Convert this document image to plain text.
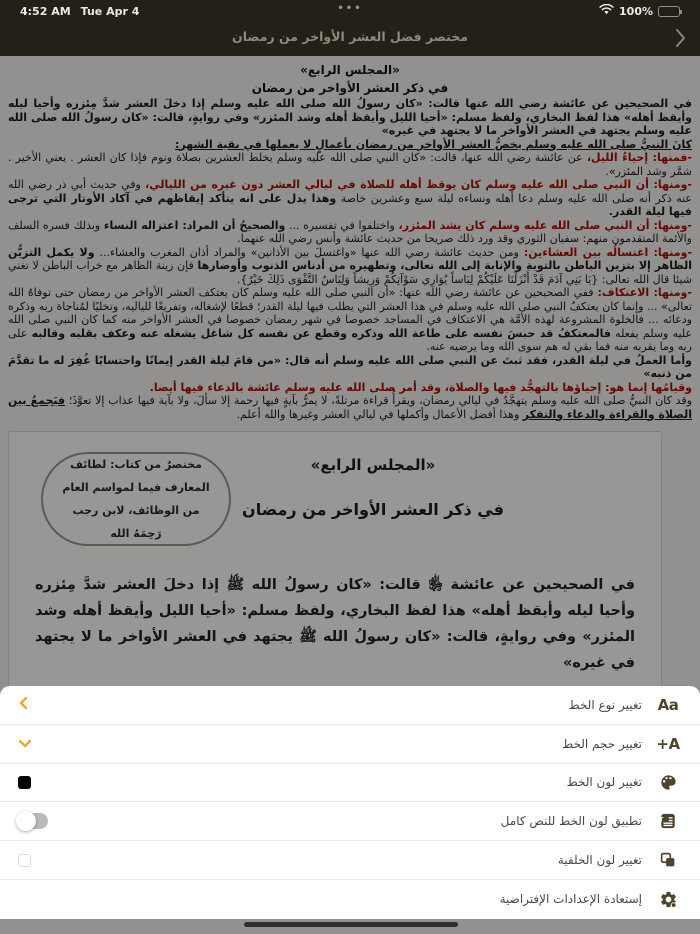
4:52 AM Tue Apr 4	•••	100%
مختصر فضل العشر الأواخر من رمضان
«المجلس الرابع»
في ذكر العشر الأواخر من رمضان
في الصحيحين عن عائشة رضي الله عنها قالت: «كان رسولُ الله صلى الله عليه وسلم إذا دخلَ العشر شدَّ مِئزره وأحيا ليله وأيقظ أهله» هذا لفظ البخاري، ولفظ مسلم: «أحيا الليل وأيقظ أهله وشد المئزر» وفي روايةٍ، قالت: «كان رسولُ الله صلى الله عليه وسلم يجتهد في العشر الأواخر ما لا يجتهد في غيره»
كانَ النبيُّ صلى الله عليه وسلم يخصُّ العشر الأواخر من رمضان بأعمالٍ لا يعملها في بقية الشهر:
-فمنها: إحياءُ الليل، عن عائشة رضي الله عنها، قالت: «كان النبي صلى الله عليه وسلم يخلط العشرين بصلاة ونوم فإذا كان العشر . يعني الأخير . شمَّر وشد المئزر».
-ومنها: أن النبي صلى الله عليه وسلم كان يوقظ أهله للصلاة في ليالي العشر دون غيره من الليالي، وفي حديث أبي ذر رضي الله عنه ذكر أنه صلى الله عليه وسلم دعا أهله ونساءه ليلة سبع وعشرين خاصة وهذا يدل على انه يتأكد إيقاظهم في آكاد الأوتار التي ترجى فيها ليلة القدر.
-ومنها: أن النبي صلى الله عليه وسلم كان يشد المئزر، واختلفوا في تفسيره ... والصحيحُ أن المراد: اعتزاله النساء وبذلك فسره السلف والأئمة المتقدمون منهم: سفيان الثوري وقد ورد ذلك صريحا من حديث عائشة وأنس رضي الله عنهما.
-ومنها: اغتسالُه بين العشاءين: ومن حديث عائشة رضي الله عنها «واغتسلَ بين الأذانين» والمراد أذان المغرب والعشاء... ولا يكمل التزيُّن الظاهر إلا بتزين الباطن بالتوبة والإنابة إلى الله تعالى، وتطهيره من أدناس الذنوب وأوضارها فإن زينة الظاهر مع خراب الباطن لا تغني شيئا قال الله تعالى: {يَا بَنِي آدَمَ قَدْ أَنْزَلْنَا عَلَيْكُمْ لِبَاساً يُوَارِي سَوْآتِكُمْ وَرِيشاً وَلِبَاسُ التَّقْوَى ذَلِكَ خَيْرٌ}.
-ومنها: الاعتكاف: ففي الصحيحين عن عائشة رضي الله عنها: «أن النبي صلى الله عليه وسلم كان يعتكف العشر الأواخر من رمضان حتى توفاهُ الله تعالى» ... وإنما كان يعتكفُ النبي صلى الله عليه وسلم في هذا العشر التي يطلب فيها ليلة القدر؛ قطعًا لإشغاله، وتفريغًا للياليه، وتخليًا لمُناجاة ربه وذكره ودعائه ... فالخلوة المشروعة لهذه الأمَّة هي الاعتكاف في المساجد خصوصا في شهر رمضان خصوصا في العشر الأواخر منه كما كان النبي صلى الله عليه وسلم يفعله فالمعتكفُ قد حبسَ نفسه على طاعة الله وذكره وقطع عن نفسه كل شاغل يشغله عنه وعكف بقلبه وقالبه على ربه وما يقربه منه فما بقي له هم سوى الله وما يرضيه عنه.
وأما العملُ في ليلة القدر، فقد ثبتَ عن النبي صلى الله عليه وسلم أنه قال: «من قامَ ليلة القدر إيمانًا واحتسابًا غُفِرَ له ما تقدَّمَ من ذنبه»
وقيامُها إنما هو: إحياؤها بالتهجُّد فيها والصلاة، وقد أمر صلى الله عليه وسلم عائشة بالدعاء فيها أيضا.
وقد كان النبيُّ صلى الله عليه وسلم يتهجَّدُ في ليالي رمضان، ويقرأُ قراءة مرتلةً، لا يمرُّ بآيةٍ فيها رحمة إلا سألَ، ولا بآية فيها عذاب إلا تعوَّذَ؛ فيَجمعُ بين الصلاة والقراءة والدعاء والتفكر وهذا أفضل الأعمال وأكملها في ليالي العشر وغيرها والله أعلم.
مختصرٌ من كتاب: لطائف المعارف فيما لمواسم العام من الوظائف، لابن رجب رَحِمَهُ الله
«المجلس الرابع»
في ذكر العشر الأواخر من رمضان
في الصحيحين عن عائشة ﵂ قالت: «كان رسولُ الله ﷺ إذا دخلَ العشر شدَّ مِئزره وأحيا ليله وأيقظ أهله» هذا لفظ البخاري، ولفظ مسلم: «أحيا الليل وأيقظ أهله وشد المئزر» وفي روايةٍ، قالت: «كان رسولُ الله ﷺ يجتهد في العشر الأواخر ما لا يجتهد في غيره»
Aa
تغيير نوع الخط
A+
تغيير حجم الخط
تغيير لون الخط
T
تطبيق لون الخط للنص كامل
تغيير لون الخلفية
إستعادة الإعدادات الإفتراضية
